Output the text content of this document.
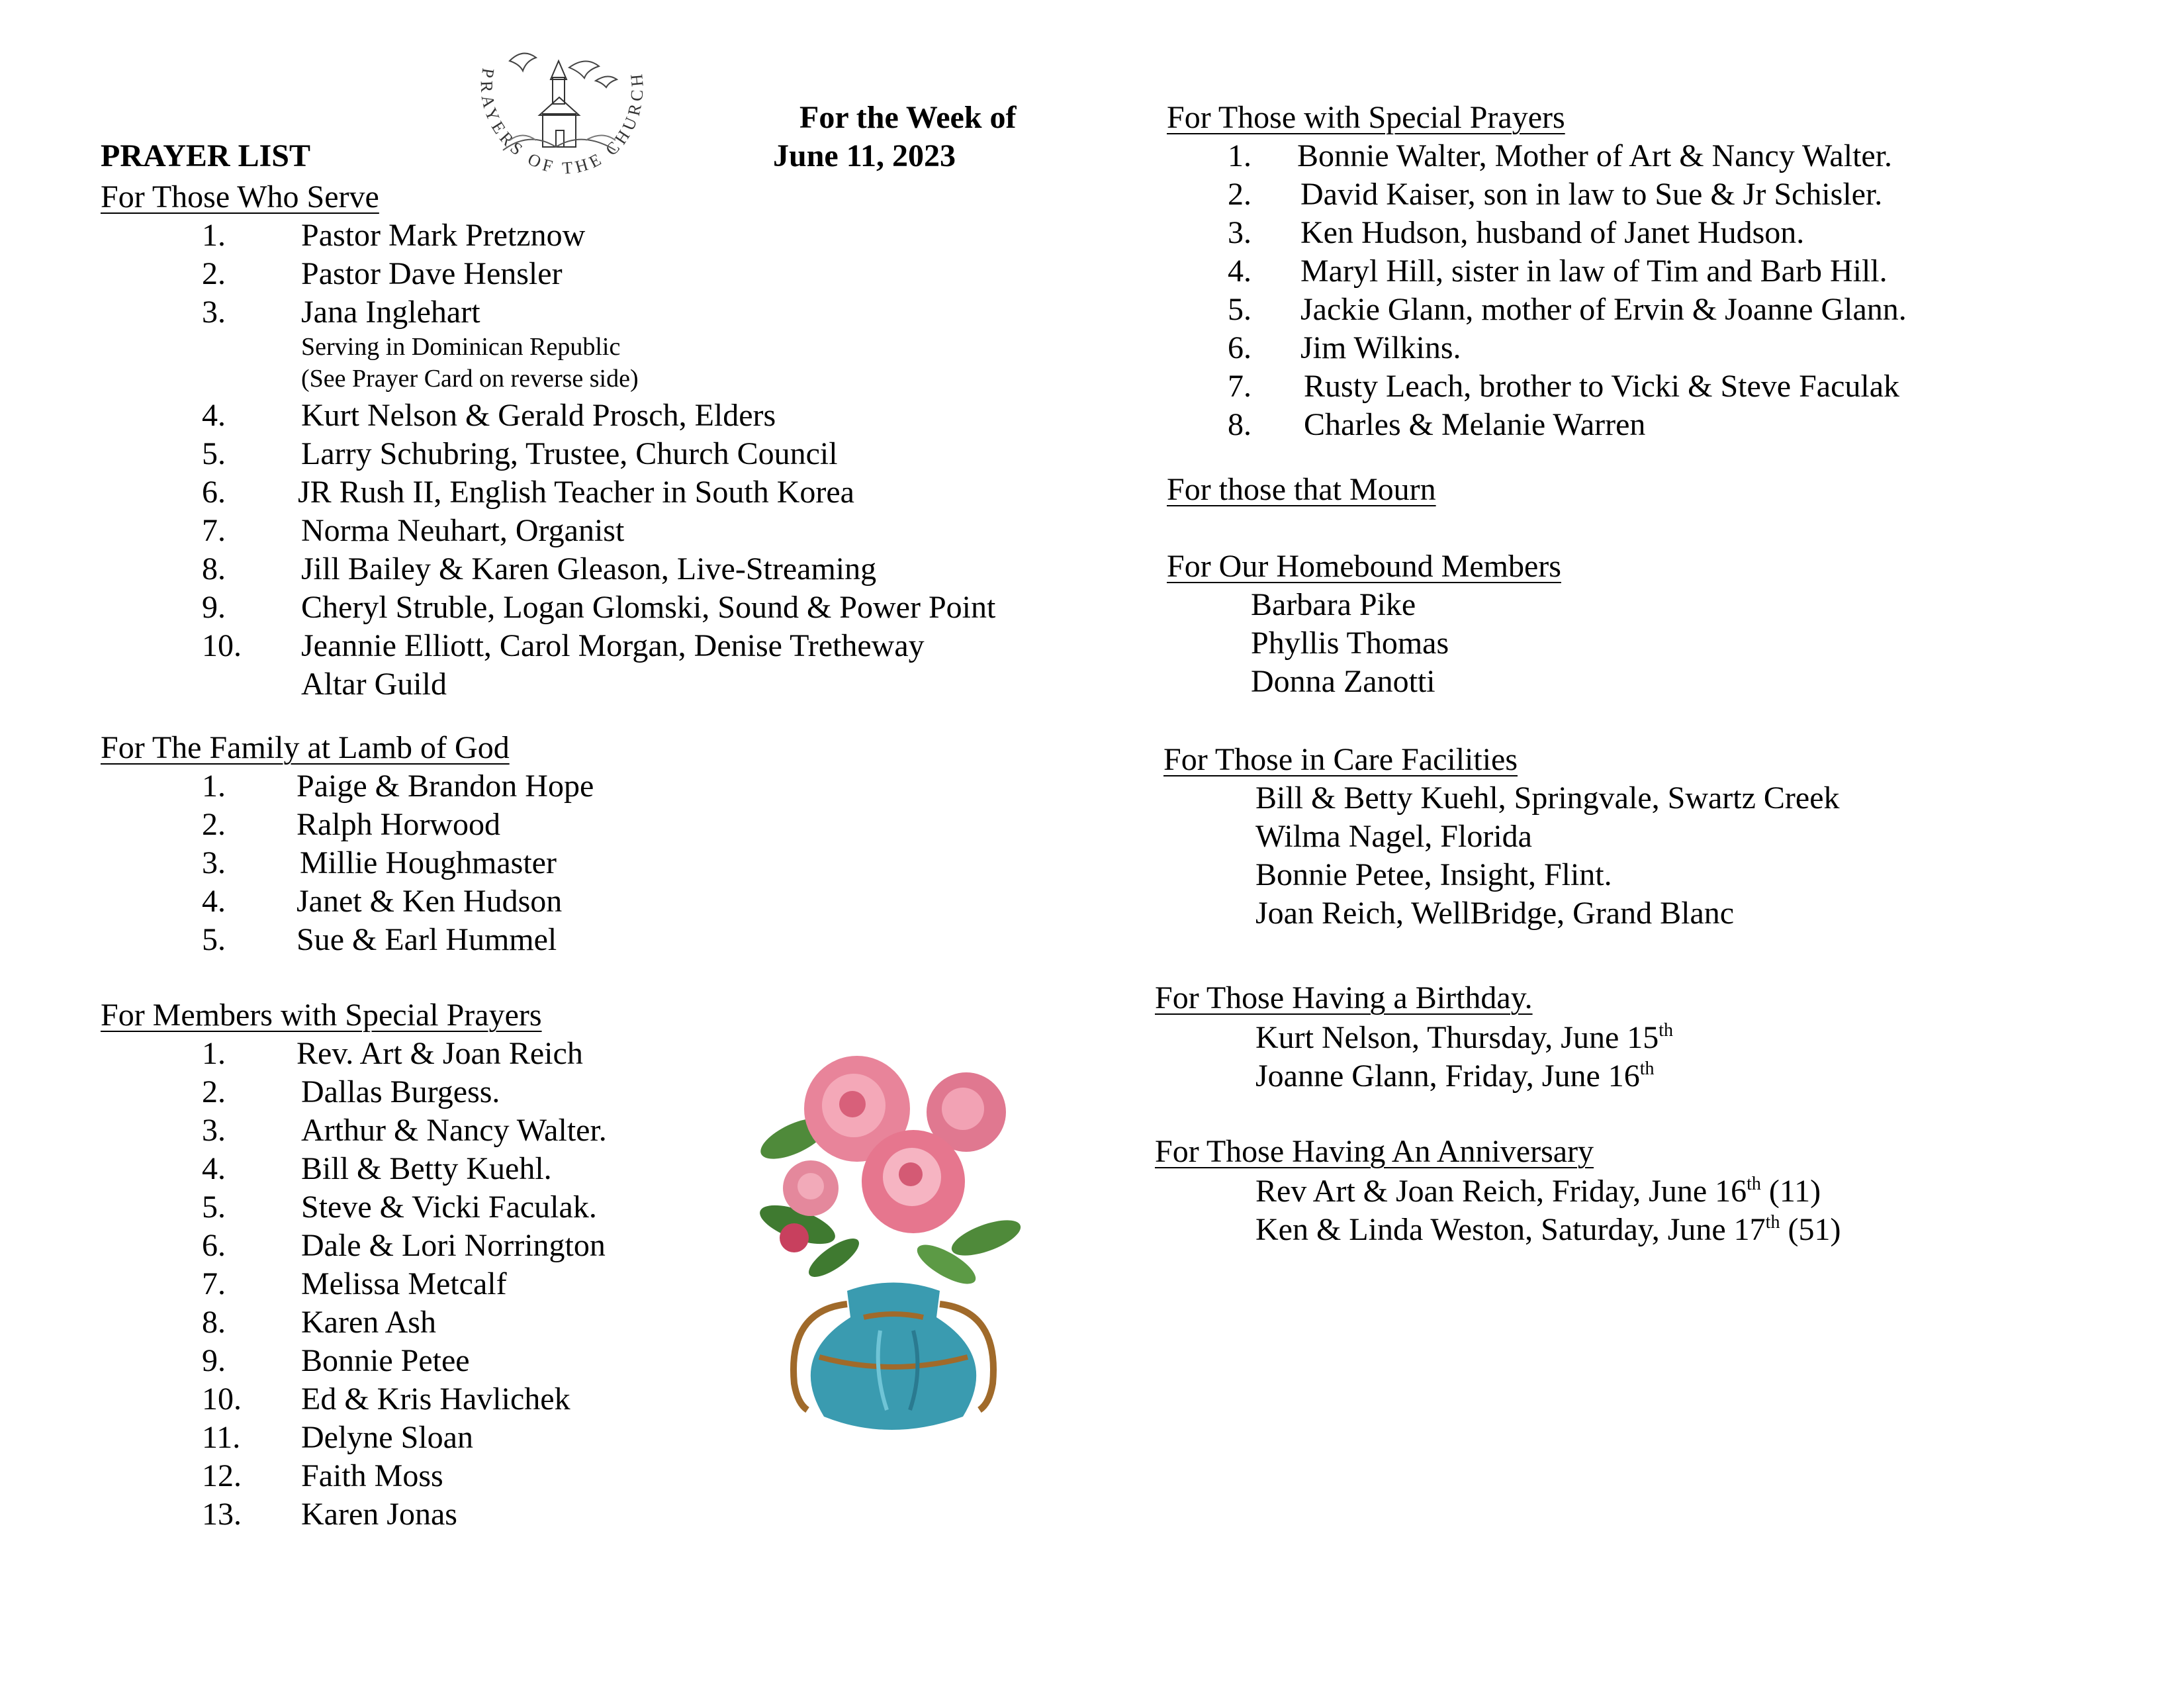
PRAYER LIST
For the Week of
June 11, 2023
PRAYERS OF THE CHURCH
For Those Who Serve
1. Pastor Mark Pretznow
2. Pastor Dave Hensler
3. Jana Inglehart
Serving in Dominican Republic
(See Prayer Card on reverse side)
4. Kurt Nelson & Gerald Prosch, Elders
5. Larry Schubring, Trustee, Church Council
6. JR Rush II, English Teacher in South Korea
7. Norma Neuhart, Organist
8. Jill Bailey & Karen Gleason, Live-Streaming
9. Cheryl Struble, Logan Glomski, Sound & Power Point
10. Jeannie Elliott, Carol Morgan, Denise Tretheway
Altar Guild
For The Family at Lamb of God
1. Paige & Brandon Hope
2. Ralph Horwood
3. Millie Houghmaster
4. Janet & Ken Hudson
5. Sue & Earl Hummel
For Members with Special Prayers
1. Rev. Art & Joan Reich
2. Dallas Burgess.
3. Arthur & Nancy Walter.
4. Bill & Betty Kuehl.
5. Steve & Vicki Faculak.
6. Dale & Lori Norrington
7. Melissa Metcalf
8. Karen Ash
9. Bonnie Petee
10. Ed & Kris Havlichek
11. Delyne Sloan
12. Faith Moss
13. Karen Jonas
For Those with Special Prayers
1. Bonnie Walter, Mother of Art & Nancy Walter.
2. David Kaiser, son in law to Sue & Jr Schisler.
3. Ken Hudson, husband of Janet Hudson.
4. Maryl Hill, sister in law of Tim and Barb Hill.
5. Jackie Glann, mother of Ervin & Joanne Glann.
6. Jim Wilkins.
7. Rusty Leach, brother to Vicki & Steve Faculak
8. Charles & Melanie Warren
For those that Mourn
For Our Homebound Members
Barbara Pike
Phyllis Thomas
Donna Zanotti
For Those in Care Facilities
Bill & Betty Kuehl, Springvale, Swartz Creek
Wilma Nagel, Florida
Bonnie Petee, Insight, Flint.
Joan Reich, WellBridge, Grand Blanc
For Those Having a Birthday.
Kurt Nelson, Thursday, June 15th
Joanne Glann, Friday, June 16th
For Those Having An Anniversary
Rev Art & Joan Reich, Friday, June 16th (11)
Ken & Linda Weston, Saturday, June 17th (51)
